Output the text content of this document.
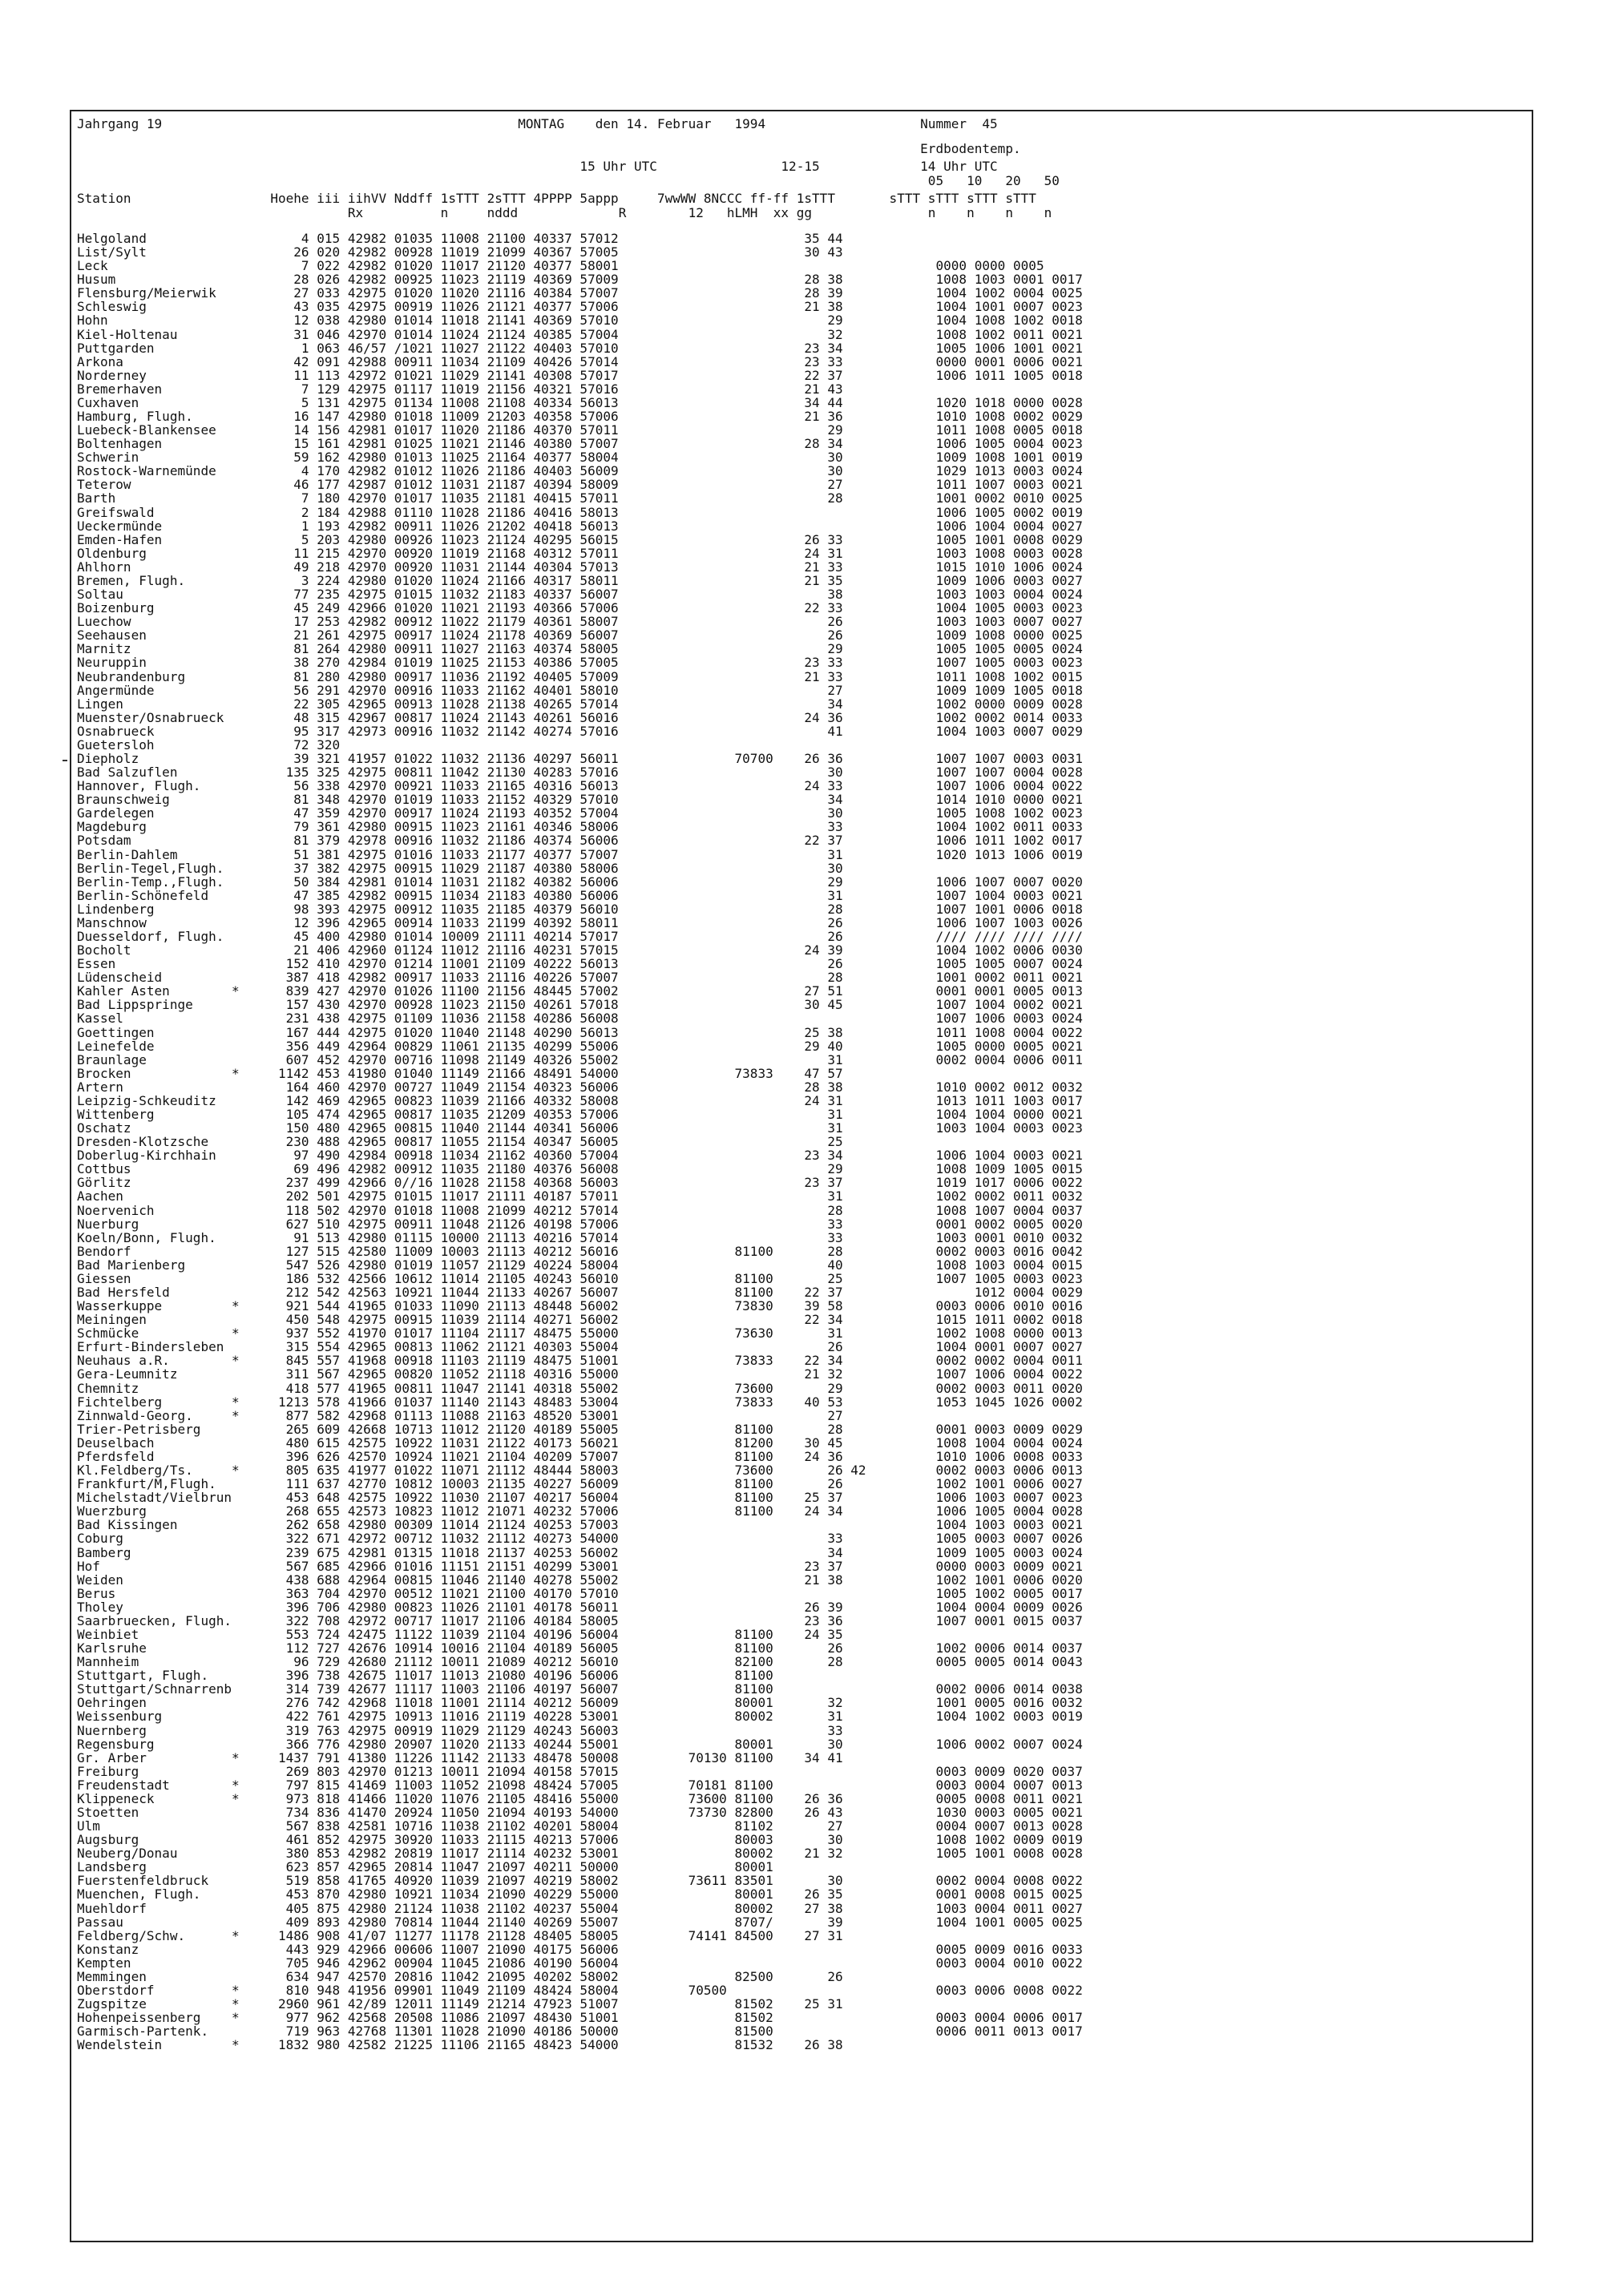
Jahrgang 19                                              MONTAG    den 14. Februar   1994                    Nummer  45
Erdbodentemp.
15 Uhr UTC                12-15             14 Uhr UTC
05   10   20   50
Station                  Hoehe iii iihVV Nddff 1sTTT 2sTTT 4PPPP 5appp     7wwWW 8NCCC ff-ff 1sTTT       sTTT sTTT sTTT sTTT
Rx          n     nddd             R        12   hLMH  xx gg               n    n    n    n
Helgoland                    4 015 42982 01035 11008 21100 40337 57012                        35 44
List/Sylt                   26 020 42982 00928 11019 21099 40367 57005                        30 43
Leck                         7 022 42982 01020 11017 21120 40377 58001                                         0000 0000 0005
Husum                       28 026 42982 00925 11023 21119 40369 57009                        28 38            1008 1003 0001 0017
Flensburg/Meierwik          27 033 42975 01020 11020 21116 40384 57007                        28 39            1004 1002 0004 0025
Schleswig                   43 035 42975 00919 11026 21121 40377 57006                        21 38            1004 1001 0007 0023
Hohn                        12 038 42980 01014 11018 21141 40369 57010                           29            1004 1008 1002 0018
Kiel-Holtenau               31 046 42970 01014 11024 21124 40385 57004                           32            1008 1002 0011 0021
Puttgarden                   1 063 46/57 /1021 11027 21122 40403 57010                        23 34            1005 1006 1001 0021
Arkona                      42 091 42988 00911 11034 21109 40426 57014                        23 33            0000 0001 0006 0021
Norderney                   11 113 42972 01021 11029 21141 40308 57017                        22 37            1006 1011 1005 0018
Bremerhaven                  7 129 42975 01117 11019 21156 40321 57016                        21 43
Cuxhaven                     5 131 42975 01134 11008 21108 40334 56013                        34 44            1020 1018 0000 0028
Hamburg, Flugh.             16 147 42980 01018 11009 21203 40358 57006                        21 36            1010 1008 0002 0029
Luebeck-Blankensee          14 156 42981 01017 11020 21186 40370 57011                           29            1011 1008 0005 0018
Boltenhagen                 15 161 42981 01025 11021 21146 40380 57007                        28 34            1006 1005 0004 0023
Schwerin                    59 162 42980 01013 11025 21164 40377 58004                           30            1009 1008 1001 0019
Rostock-Warnemünde           4 170 42982 01012 11026 21186 40403 56009                           30            1029 1013 0003 0024
Teterow                     46 177 42987 01012 11031 21187 40394 58009                           27            1011 1007 0003 0021
Barth                        7 180 42970 01017 11035 21181 40415 57011                           28            1001 0002 0010 0025
Greifswald                   2 184 42988 01110 11028 21186 40416 58013                                         1006 1005 0002 0019
Ueckermünde                  1 193 42982 00911 11026 21202 40418 56013                                         1006 1004 0004 0027
Emden-Hafen                  5 203 42980 00926 11023 21124 40295 56015                        26 33            1005 1001 0008 0029
Oldenburg                   11 215 42970 00920 11019 21168 40312 57011                        24 31            1003 1008 0003 0028
Ahlhorn                     49 218 42970 00920 11031 21144 40304 57013                        21 33            1015 1010 1006 0024
Bremen, Flugh.               3 224 42980 01020 11024 21166 40317 58011                        21 35            1009 1006 0003 0027
Soltau                      77 235 42975 01015 11032 21183 40337 56007                           38            1003 1003 0004 0024
Boizenburg                  45 249 42966 01020 11021 21193 40366 57006                        22 33            1004 1005 0003 0023
Luechow                     17 253 42982 00912 11022 21179 40361 58007                           26            1003 1003 0007 0027
Seehausen                   21 261 42975 00917 11024 21178 40369 56007                           26            1009 1008 0000 0025
Marnitz                     81 264 42980 00911 11027 21163 40374 58005                           29            1005 1005 0005 0024
Neuruppin                   38 270 42984 01019 11025 21153 40386 57005                        23 33            1007 1005 0003 0023
Neubrandenburg              81 280 42980 00917 11036 21192 40405 57009                        21 33            1011 1008 1002 0015
Angermünde                  56 291 42970 00916 11033 21162 40401 58010                           27            1009 1009 1005 0018
Lingen                      22 305 42965 00913 11028 21138 40265 57014                           34            1002 0000 0009 0028
Muenster/Osnabrueck         48 315 42967 00817 11024 21143 40261 56016                        24 36            1002 0002 0014 0033
Osnabrueck                  95 317 42973 00916 11032 21142 40274 57016                           41            1004 1003 0007 0029
Guetersloh                  72 320
Diepholz                    39 321 41957 01022 11032 21136 40297 56011               70700    26 36            1007 1007 0003 0031
Bad Salzuflen              135 325 42975 00811 11042 21130 40283 57016                           30            1007 1007 0004 0028
Hannover, Flugh.            56 338 42970 00921 11033 21165 40316 56013                        24 33            1007 1006 0004 0022
Braunschweig                81 348 42970 01019 11033 21152 40329 57010                           34            1014 1010 0000 0021
Gardelegen                  47 359 42970 00917 11024 21193 40352 57004                           30            1005 1008 1002 0023
Magdeburg                   79 361 42980 00915 11023 21161 40346 58006                           33            1004 1002 0011 0033
Potsdam                     81 379 42978 00916 11032 21186 40374 56006                        22 37            1006 1011 1002 0017
Berlin-Dahlem               51 381 42975 01016 11033 21177 40377 57007                           31            1020 1013 1006 0019
Berlin-Tegel,Flugh.         37 382 42975 00915 11029 21187 40380 58006                           30
Berlin-Temp.,Flugh.         50 384 42981 01014 11031 21182 40382 56006                           29            1006 1007 0007 0020
Berlin-Schönefeld           47 385 42982 00915 11034 21183 40380 56006                           31            1007 1004 0003 0021
Lindenberg                  98 393 42975 00912 11035 21185 40379 56010                           28            1007 1001 0006 0018
Manschnow                   12 396 42965 00914 11033 21199 40392 58011                           26            1006 1007 1003 0026
Duesseldorf, Flugh.         45 400 42980 01014 10009 21111 40214 57017                           26            //// //// //// ////
Bocholt                     21 406 42960 01124 11012 21116 40231 57015                        24 39            1004 1002 0006 0030
Essen                      152 410 42970 01214 11001 21109 40222 56013                           26            1005 1005 0007 0024
Lüdenscheid                387 418 42982 00917 11033 21116 40226 57007                           28            1001 0002 0011 0021
Kahler Asten        *      839 427 42970 01026 11100 21156 48445 57002                        27 51            0001 0001 0005 0013
Bad Lippspringe            157 430 42970 00928 11023 21150 40261 57018                        30 45            1007 1004 0002 0021
Kassel                     231 438 42975 01109 11036 21158 40286 56008                                         1007 1006 0003 0024
Goettingen                 167 444 42975 01020 11040 21148 40290 56013                        25 38            1011 1008 0004 0022
Leinefelde                 356 449 42964 00829 11061 21135 40299 55006                        29 40            1005 0000 0005 0021
Braunlage                  607 452 42970 00716 11098 21149 40326 55002                           31            0002 0004 0006 0011
Brocken             *     1142 453 41980 01040 11149 21166 48491 54000               73833    47 57
Artern                     164 460 42970 00727 11049 21154 40323 56006                        28 38            1010 0002 0012 0032
Leipzig-Schkeuditz         142 469 42965 00823 11039 21166 40332 58008                        24 31            1013 1011 1003 0017
Wittenberg                 105 474 42965 00817 11035 21209 40353 57006                           31            1004 1004 0000 0021
Oschatz                    150 480 42965 00815 11040 21144 40341 56006                           31            1003 1004 0003 0023
Dresden-Klotzsche          230 488 42965 00817 11055 21154 40347 56005                           25
Doberlug-Kirchhain          97 490 42984 00918 11034 21162 40360 57004                        23 34            1006 1004 0003 0021
Cottbus                     69 496 42982 00912 11035 21180 40376 56008                           29            1008 1009 1005 0015
Görlitz                    237 499 42966 0//16 11028 21158 40368 56003                        23 37            1019 1017 0006 0022
Aachen                     202 501 42975 01015 11017 21111 40187 57011                           31            1002 0002 0011 0032
Noervenich                 118 502 42970 01018 11008 21099 40212 57014                           28            1008 1007 0004 0037
Nuerburg                   627 510 42975 00911 11048 21126 40198 57006                           33            0001 0002 0005 0020
Koeln/Bonn, Flugh.          91 513 42980 01115 10000 21113 40216 57014                           33            1003 0001 0010 0032
Bendorf                    127 515 42580 11009 10003 21113 40212 56016               81100       28            0002 0003 0016 0042
Bad Marienberg             547 526 42980 01019 11057 21129 40224 58004                           40            1008 1003 0004 0015
Giessen                    186 532 42566 10612 11014 21105 40243 56010               81100       25            1007 1005 0003 0023
Bad Hersfeld               212 542 42563 10921 11044 21133 40267 56007               81100    22 37                 1012 0004 0029
Wasserkuppe         *      921 544 41965 01033 11090 21113 48448 56002               73830    39 58            0003 0006 0010 0016
Meiningen                  450 548 42975 00915 11039 21114 40271 56002                        22 34            1015 1011 0002 0018
Schmücke            *      937 552 41970 01017 11104 21117 48475 55000               73630       31            1002 1008 0000 0013
Erfurt-Bindersleben        315 554 42965 00813 11062 21121 40303 55004                           26            1004 0001 0007 0027
Neuhaus a.R.        *      845 557 41968 00918 11103 21119 48475 51001               73833    22 34            0002 0002 0004 0011
Gera-Leumnitz              311 567 42965 00820 11052 21118 40316 55000                        21 32            1007 1006 0004 0022
Chemnitz                   418 577 41965 00811 11047 21141 40318 55002               73600       29            0002 0003 0011 0020
Fichtelberg         *     1213 578 41966 01037 11140 21143 48483 53004               73833    40 53            1053 1045 1026 0002
Zinnwald-Georg.     *      877 582 42968 01113 11088 21163 48520 53001                           27
Trier-Petrisberg           265 609 42668 10713 11012 21120 40189 55005               81100       28            0001 0003 0009 0029
Deuselbach                 480 615 42575 10922 11031 21122 40173 56021               81200    30 45            1008 1004 0004 0024
Pferdsfeld                 396 626 42570 10924 11021 21104 40209 57007               81100    24 36            1010 1006 0008 0033
Kl.Feldberg/Ts.     *      805 635 41977 01022 11071 21112 48444 58003               73600       26 42         0002 0003 0006 0013
Frankfurt/M,Flugh.         111 637 42770 10812 10003 21135 40227 56009               81100       26            1002 1001 0006 0027
Michelstadt/Vielbrun       453 648 42575 10922 11030 21107 40217 56004               81100    25 37            1006 1003 0007 0023
Wuerzburg                  268 655 42573 10823 11012 21071 40232 57006               81100    24 34            1006 1005 0004 0028
Bad Kissingen              262 658 42980 00309 11014 21124 40253 57003                                         1004 1003 0003 0021
Coburg                     322 671 42972 00712 11032 21112 40273 54000                           33            1005 0003 0007 0026
Bamberg                    239 675 42981 01315 11018 21137 40253 56002                           34            1009 1005 0003 0024
Hof                        567 685 42966 01016 11151 21151 40299 53001                        23 37            0000 0003 0009 0021
Weiden                     438 688 42964 00815 11046 21140 40278 55002                        21 38            1002 1001 0006 0020
Berus                      363 704 42970 00512 11021 21100 40170 57010                                         1005 1002 0005 0017
Tholey                     396 706 42980 00823 11026 21101 40178 56011                        26 39            1004 0004 0009 0026
Saarbruecken, Flugh.       322 708 42972 00717 11017 21106 40184 58005                        23 36            1007 0001 0015 0037
Weinbiet                   553 724 42475 11122 11039 21104 40196 56004               81100    24 35
Karlsruhe                  112 727 42676 10914 10016 21104 40189 56005               81100       26            1002 0006 0014 0037
Mannheim                    96 729 42680 21112 10011 21089 40212 56010               82100       28            0005 0005 0014 0043
Stuttgart, Flugh.          396 738 42675 11017 11013 21080 40196 56006               81100
Stuttgart/Schnarrenb       314 739 42677 11117 11003 21106 40197 56007               81100                     0002 0006 0014 0038
Oehringen                  276 742 42968 11018 11001 21114 40212 56009               80001       32            1001 0005 0016 0032
Weissenburg                422 761 42975 10913 11016 21119 40228 53001               80002       31            1004 1002 0003 0019
Nuernberg                  319 763 42975 00919 11029 21129 40243 56003                           33
Regensburg                 366 776 42980 20907 11020 21133 40244 55001               80001       30            1006 0002 0007 0024
Gr. Arber           *     1437 791 41380 11226 11142 21133 48478 50008         70130 81100    34 41
Freiburg                   269 803 42970 01213 10011 21094 40158 57015                                         0003 0009 0020 0037
Freudenstadt        *      797 815 41469 11003 11052 21098 48424 57005         70181 81100                     0003 0004 0007 0013
Klippeneck          *      973 818 41466 11020 11076 21105 48416 55000         73600 81100    26 36            0005 0008 0011 0021
Stoetten                   734 836 41470 20924 11050 21094 40193 54000         73730 82800    26 43            1030 0003 0005 0021
Ulm                        567 838 42581 10716 11038 21102 40201 58004               81102       27            0004 0007 0013 0028
Augsburg                   461 852 42975 30920 11033 21115 40213 57006               80003       30            1008 1002 0009 0019
Neuberg/Donau              380 853 42982 20819 11017 21114 40232 53001               80002    21 32            1005 1001 0008 0028
Landsberg                  623 857 42965 20814 11047 21097 40211 50000               80001
Fuerstenfeldbruck          519 858 41765 40920 11039 21097 40219 58002         73611 83501       30            0002 0004 0008 0022
Muenchen, Flugh.           453 870 42980 10921 11034 21090 40229 55000               80001    26 35            0001 0008 0015 0025
Muehldorf                  405 875 42980 21124 11038 21102 40237 55004               80002    27 38            1003 0004 0011 0027
Passau                     409 893 42980 70814 11044 21140 40269 55007               8707/       39            1004 1001 0005 0025
Feldberg/Schw.      *     1486 908 41/07 11277 11178 21128 48405 58005         74141 84500    27 31
Konstanz                   443 929 42966 00606 11007 21090 40175 56006                                         0005 0009 0016 0033
Kempten                    705 946 42962 00904 11045 21086 40190 56004                                         0003 0004 0010 0022
Memmingen                  634 947 42570 20816 11042 21095 40202 58002               82500       26
Oberstdorf          *      810 948 41956 09901 11049 21109 48424 58004         70500                           0003 0006 0008 0022
Zugspitze           *     2960 961 42/89 12011 11149 21214 47923 51007               81502    25 31
Hohenpeissenberg    *      977 962 42568 20508 11086 21097 48430 51001               81502                     0003 0004 0006 0017
Garmisch-Partenk.          719 963 42768 11301 11028 21090 40186 50000               81500                     0006 0011 0013 0017
Wendelstein         *     1832 980 42582 21225 11106 21165 48423 54000               81532    26 38
